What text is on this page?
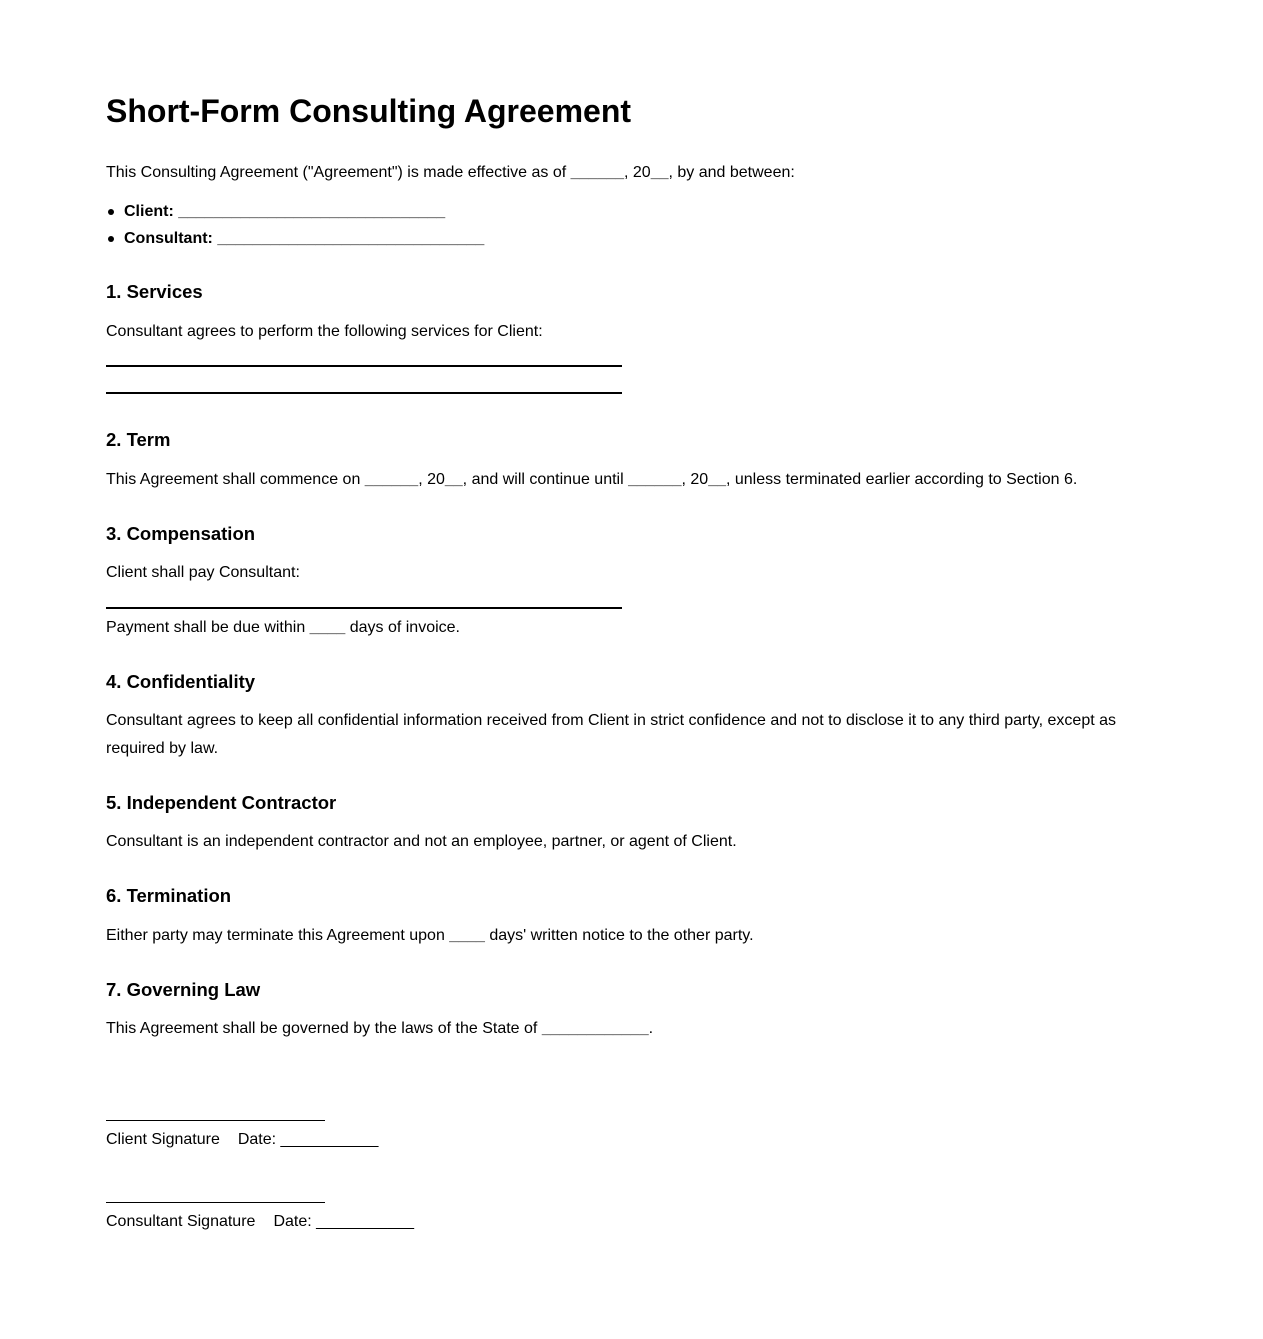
Short-Form Consulting Agreement

This Consulting Agreement ("Agreement") is made effective as of ______, 20__, by and between:

Client: ______________________________
Consultant: ______________________________
1. Services

Consultant agrees to perform the following services for Client:

2. Term

This Agreement shall commence on ______, 20__, and will continue until ______, 20__, unless terminated earlier according to Section 6.

3. Compensation

Client shall pay Consultant:

Payment shall be due within ____ days of invoice.

4. Confidentiality

Consultant agrees to keep all confidential information received from Client in strict confidence and not to disclose it to any third party, except as required by law.

5. Independent Contractor

Consultant is an independent contractor and not an employee, partner, or agent of Client.

6. Termination

Either party may terminate this Agreement upon ____ days' written notice to the other party.

7. Governing Law

This Agreement shall be governed by the laws of the State of ____________.

Client Signature Date: ___________
Consultant Signature Date: ___________
